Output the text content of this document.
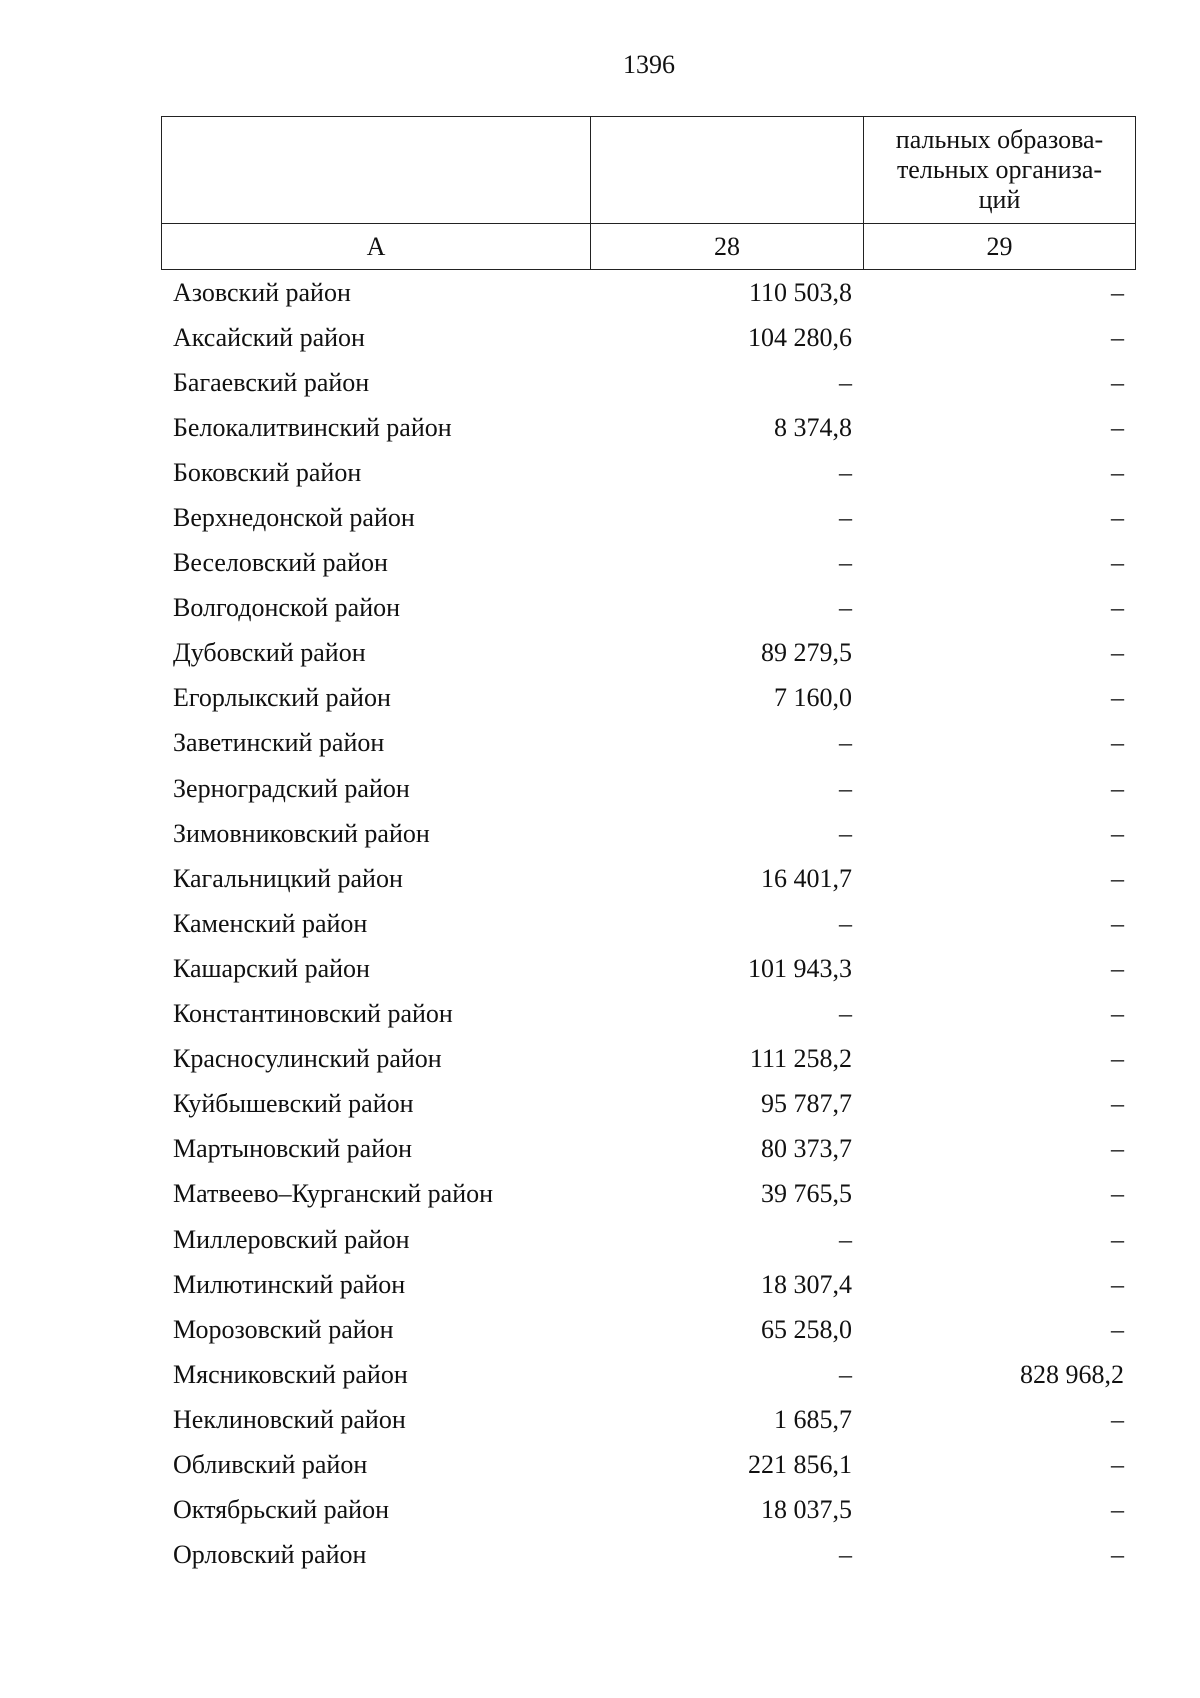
1396

		пальных образова-
тельных организа-
ций

А	28	29
Азовский район	110 503,8	–
Аксайский район	104 280,6	–
Багаевский район	–	–
Белокалитвинский район	8 374,8	–
Боковский район	–	–
Верхнедонской район	–	–
Веселовский район	–	–
Волгодонской район	–	–
Дубовский район	89 279,5	–
Егорлыкский район	7 160,0	–
Заветинский район	–	–
Зерноградский район	–	–
Зимовниковский район	–	–
Кагальницкий район	16 401,7	–
Каменский район	–	–
Кашарский район	101 943,3	–
Константиновский район	–	–
Красносулинский район	111 258,2	–
Куйбышевский район	95 787,7	–
Мартыновский район	80 373,7	–
Матвеево–Курганский район	39 765,5	–
Миллеровский район	–	–
Милютинский район	18 307,4	–
Морозовский район	65 258,0	–
Мясниковский район	–	828 968,2
Неклиновский район	1 685,7	–
Обливский район	221 856,1	–
Октябрьский район	18 037,5	–
Орловский район	–	–
